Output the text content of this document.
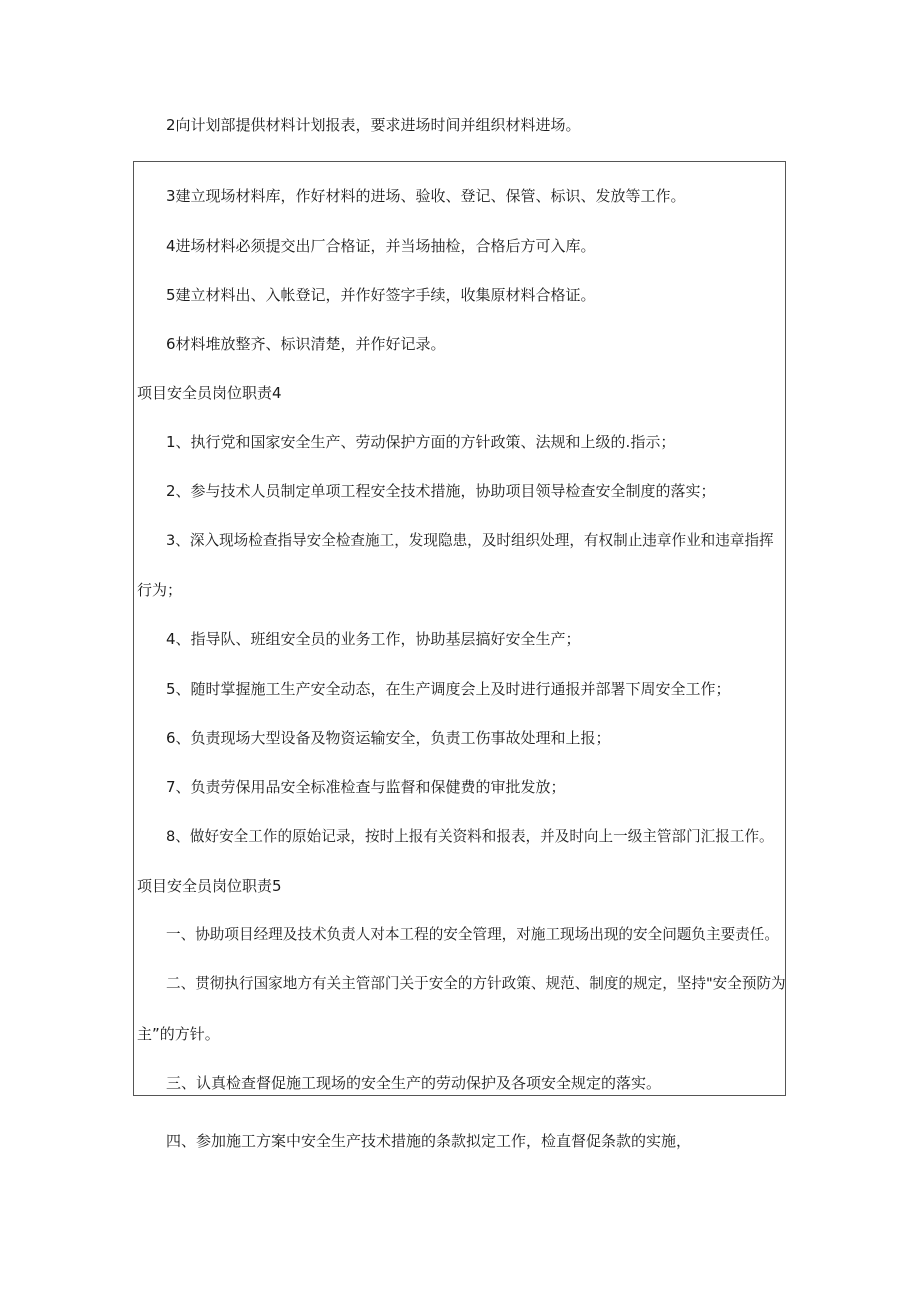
2向计划部提供材料计划报表，要求进场时间并组织材料进场。

3建立现场材料库，作好材料的进场、验收、登记、保管、标识、发放等工作。

4进场材料必须提交出厂合格证，并当场抽检，合格后方可入库。

5建立材料出、入帐登记，并作好签字手续，收集原材料合格证。

6材料堆放整齐、标识清楚，并作好记录。

项目安全员岗位职责4

1、执行党和国家安全生产、劳动保护方面的方针政策、法规和上级的.指示；

2、参与技术人员制定单项工程安全技术措施，协助项目领导检查安全制度的落实；

3、深入现场检查指导安全检查施工，发现隐患，及时组织处理，有权制止违章作业和违章指挥

行为；

4、指导队、班组安全员的业务工作，协助基层搞好安全生产；

5、随时掌握施工生产安全动态，在生产调度会上及时进行通报并部署下周安全工作；

6、负责现场大型设备及物资运输安全，负责工伤事故处理和上报；

7、负责劳保用品安全标准检查与监督和保健费的审批发放；

8、做好安全工作的原始记录，按时上报有关资料和报表，并及时向上一级主管部门汇报工作。

项目安全员岗位职责5

一、协助项目经理及技术负责人对本工程的安全管理，对施工现场出现的安全问题负主要责任。

二、贯彻执行国家地方有关主管部门关于安全的方针政策、规范、制度的规定，坚持"安全预防为

主”的方针。

三、认真检查督促施工现场的安全生产的劳动保护及各项安全规定的落实。

四、参加施工方案中安全生产技术措施的条款拟定工作，检直督促条款的实施，
